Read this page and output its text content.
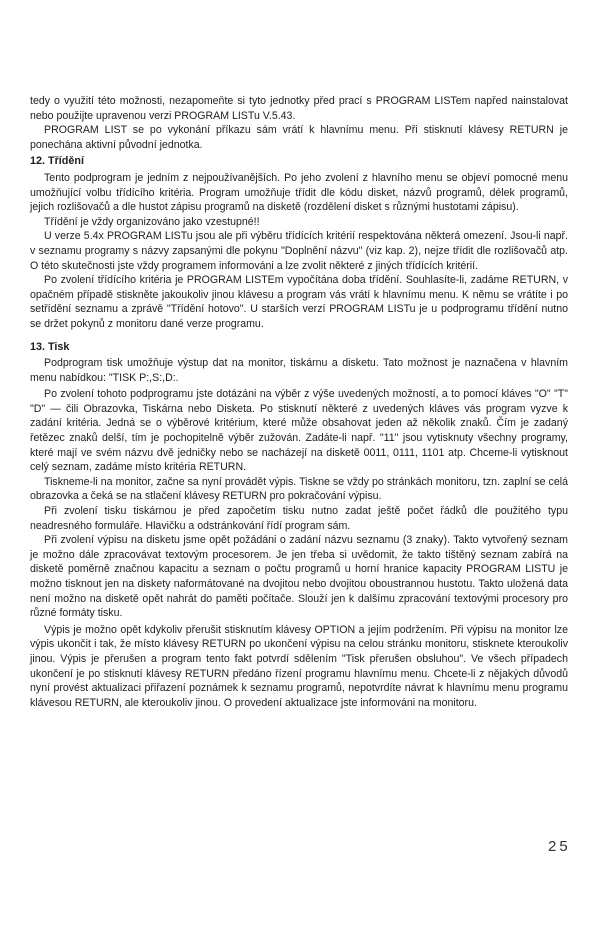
tedy o využití této možnosti, nezapomeňte si tyto jednotky před prací s PROGRAM LISTem napřed nainstalovat nebo použijte upravenou verzi PROGRAM LISTu V.5.43.

PROGRAM LIST se po vykonání příkazu sám vrátí k hlavnímu menu. Při stisknutí klávesy RETURN je ponechána aktivní původní jednotka.

12. Třídění

Tento podprogram je jedním z nejpoužívanějších. Po jeho zvolení z hlavního menu se objeví pomocné menu umožňující volbu třídícího kritéria. Program umožňuje třídit dle kódu disket, názvů programů, délek programů, jejich rozlišovačů a dle hustot zápisu programů na disketě (rozdělení disket s různými hustotami zápisu).

Třídění je vždy organizováno jako vzestupné!!

U verze 5.4x PROGRAM LISTu jsou ale při výběru třídících kritérií respektována některá omezení. Jsou-li např. v seznamu programy s názvy zapsanými dle pokynu "Doplnění názvu" (viz kap. 2), nejze třídit dle rozlišovačů atp. O této skutečnosti jste vždy programem informováni a lze zvolit některé z jiných třídících kritérií.

Po zvolení třídícího kritéria je PROGRAM LISTEm vypočítána doba třídění. Souhlasíte-li, zadáme RETURN, v opačném případě stiskněte jakoukoliv jinou klávesu a program vás vrátí k hlavnímu menu. K němu se vrátíte i po setřídění seznamu a zprávě "Třídění hotovo". U starších verzí PROGRAM LISTu je u podprogramu třídění nutno se držet pokynů z monitoru dané verze programu.

13. Tisk

Podprogram tisk umožňuje výstup dat na monitor, tiskárnu a disketu. Tato možnost je naznačena v hlavním menu nabídkou: "TISK P:,S:,D:.

Po zvolení tohoto podprogramu jste dotázáni na výběr z výše uvedených možností, a to pomocí kláves "O" "T" "D" — čili Obrazovka, Tiskárna nebo Disketa. Po stisknutí některé z uvedených kláves vás program vyzve k zadání kritéria. Jedná se o výběrové kritérium, které může obsahovat jeden až několik znaků. Čím je zadaný řetězec znaků delší, tím je pochopitelně výběr zužován. Zadáte-li např. "11" jsou vytisknuty všechny programy, které mají ve svém názvu dvě jedničky nebo se nacházejí na disketě 0011, 0111, 1101 atp. Chceme-li vytisknout celý seznam, zadáme místo kritéria RETURN.

Tiskneme-li na monitor, začne sa nyní provádět výpis. Tiskne se vždy po stránkách monitoru, tzn. zaplní se celá obrazovka a čeká se na stlačení klávesy RETURN pro pokračování výpisu.

Při zvolení tisku tiskárnou je před započetím tisku nutno zadat ještě počet řádků dle použitého typu neadresného formuláře. Hlavičku a odstránkování řídí program sám.

Při zvolení výpisu na disketu jsme opět požádáni o zadání názvu seznamu (3 znaky). Takto vytvořený seznam je možno dále zpracovávat textovým procesorem. Je jen třeba si uvědomit, že takto tištěný seznam zabírá na disketě poměrně značnou kapacitu a seznam o počtu programů u horní hranice kapacity PROGRAM LISTU je možno tisknout jen na diskety naformátované na dvojitou nebo dvojitou oboustrannou hustotu. Takto uložená data není možno na disketě opět nahrát do paměti počítače. Slouží jen k dalšímu zpracování textovými procesory pro různé formáty tisku.

Výpis je možno opět kdykoliv přerušit stisknutím klávesy OPTION a jejím podržením. Při výpisu na monitor lze výpis ukončit i tak, že místo klávesy RETURN po ukončení výpisu na celou stránku monitoru, stisknete kteroukoliv jinou. Výpis je přerušen a program tento fakt potvrdí sdělením "Tisk přerušen obsluhou". Ve všech případech ukončení je po stisknutí klávesy RETURN předáno řízení programu hlavnímu menu. Chcete-li z nějakých důvodů nyní provést aktualizaci přiřazení poznámek k seznamu programů, nepotvrdíte návrat k hlavnímu menu programu klávesou RETURN, ale kteroukoliv jinou. O provedení aktualizace jste informováni na monitoru.

25
